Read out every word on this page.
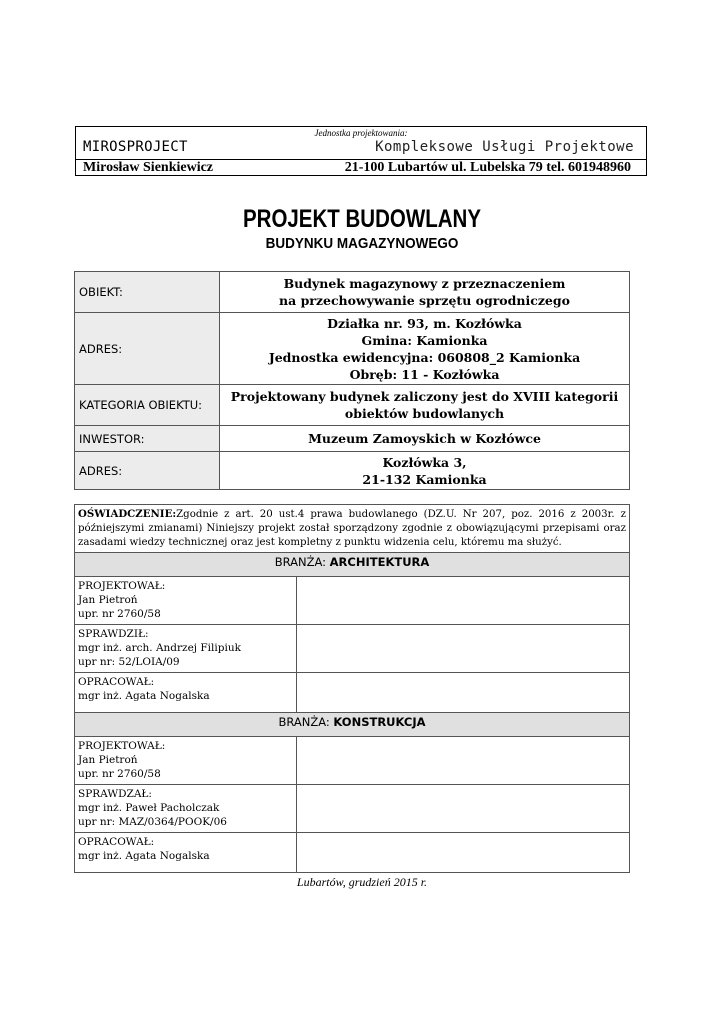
Jednostka projektowania:
MIROSPROJECT	Kompleksowe Usługi Projektowe
Mirosław Sienkiewicz	21-100 Lubartów ul. Lubelska 79 tel. 601948960
PROJEKT BUDOWLANY
BUDYNKU MAGAZYNOWEGO
OBIEKT:	Budynek magazynowy z przeznaczeniem
na przechowywanie sprzętu ogrodniczego

ADRES:	Działka nr. 93, m. Kozłówka
Gmina: Kamionka
Jednostka ewidencyjna: 060808_2 Kamionka
Obręb: 11 - Kozłówka

KATEGORIA OBIEKTU:	Projektowany budynek zaliczony jest do XVIII kategorii
obiektów budowlanych

INWESTOR:	Muzeum Zamoyskich w Kozłówce
ADRES:	Kozłówka 3,
21-132 Kamionka
OŚWIADCZENIE:Zgodnie z art. 20 ust.4 prawa budowlanego (DZ.U. Nr 207, poz. 2016 z 2003r. z późniejszymi zmianami) Niniejszy projekt został sporządzony zgodnie z obowiązującymi przepisami oraz zasadami wiedzy technicznej oraz jest kompletny z punktu widzenia celu, któremu ma służyć.	
BRANŻA: ARCHITEKTURA	

PROJEKTOWAŁ:
Jan Pietroń
upr. nr 2760/58	

SPRAWDZIŁ:
mgr inż. arch. Andrzej Filipiuk
upr nr: 52/LOIA/09	

OPRACOWAŁ:
mgr inż. Agata Nogalska	

BRANŻA: KONSTRUKCJA	

PROJEKTOWAŁ:
Jan Pietroń
upr. nr 2760/58	

SPRAWDZAŁ:
mgr inż. Paweł Pacholczak
upr nr: MAZ/0364/POOK/06	

OPRACOWAŁ:
mgr inż. Agata Nogalska	

Lubartów, grudzień 2015 r.
